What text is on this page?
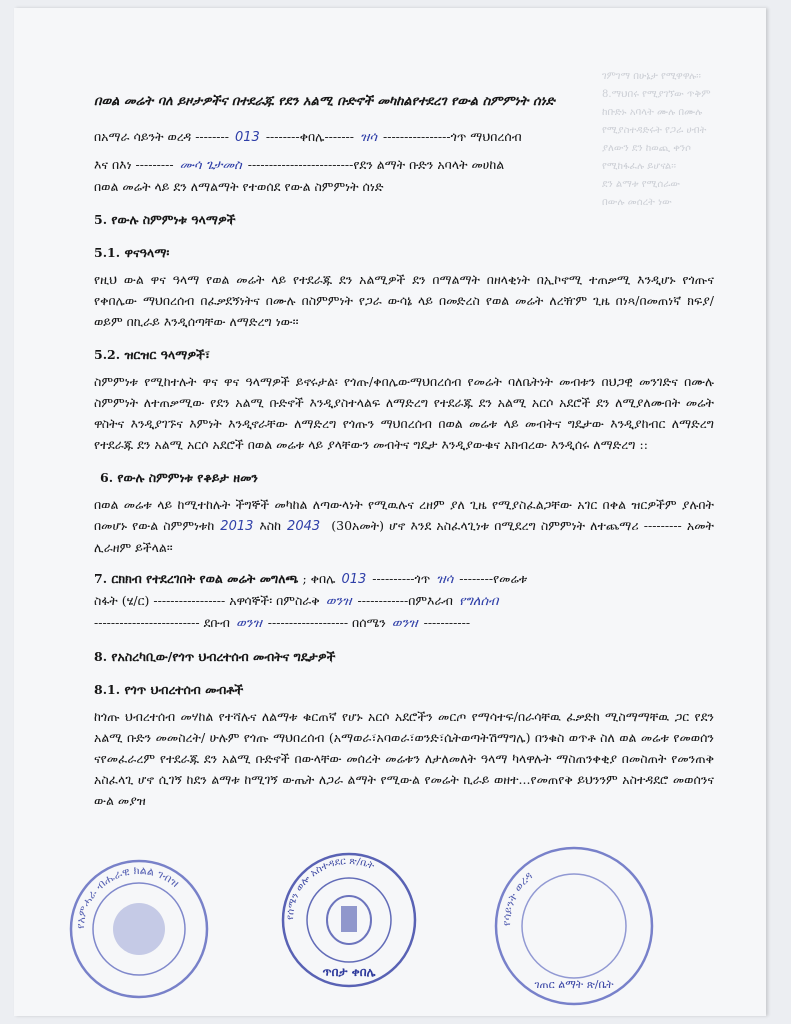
ገምገማ በሁኔታ የሚዋዋሉ፡፡
8.ማህበሩ የሚያገኘው ጥቅም
ከቡድኑ አባላት ሙሉ በሙሉ
የሚያስተዳድሩት የጋራ ሀብት
ያለውን ደን ከወጪ ቀንሶ
የሚከፋፈሉ ይሆናል፡፡
ደን ልማቱ የሚሰራው
በውሉ መሰረት ነው
በወል መሬት ባለ ይዞታዎችና በተደራጁ የደን አልሚ ቡድኖች መካከልየተደረገ የውል ስምምነት ሰነድ
በአማራ ሳይንት ወረዳ -------- 013 --------ቀበሌ------- ዝሳ ----------------ጎጥ ማህበረሰብ
እና በእነ --------- ሙሳ ጌታመስ -------------------------የደን ልማት ቡድን አባላት መሀከል
በወል መሬት ላይ ደን ለማልማት የተወሰደ የውል ስምምነት ሰነድ
5. የውሉ ስምምነቱ ዓላማዎች
5.1. ዋናዓላማ፡

የዚህ ውል ዋና ዓላማ የወል መሬት ላይ የተደራጁ ደን አልሚዎች ደን በማልማት በዘላቂነት በኢኮኖሚ ተጠቃሚ እንዲሆኑ የጎጡና የቀበሌው ማህበረሰብ በፈቃደኝነትና በሙሉ በስምምነት የጋራ ውሳኔ ላይ በመድረስ የወል መሬት ለረዥም ጊዜ በነጻ/በመጠነኛ ክፍያ/ ወይም በኪራይ እንዲሰጣቸው ለማድረግ ነው፡፡

5.2. ዝርዝር ዓላማዎች፣

ስምምነቱ የሚከተሉት ዋና ዋና ዓላማዎች ይኖሩታል፡ የጎጡ/ቀበሌውማህበረሰብ የመሬት ባለቤትነት መብቱን በህጋዊ መንገድና በሙሉ ስምምነት ለተጠቃሚው የደን አልሚ ቡድኖች እንዲያስተላልፍ ለማድረግ የተደራጁ ደን አልሚ አርሶ አደሮች ደን ለሚያለሙበት መሬት ዋስትና እንዲያገኙና እምነት እንዲኖራቸው ለማድረግ የጎጡን ማህበረሰብ በወል መሬቱ ላይ መብትና ግዴታው እንዲያከብር ለማድረግ የተደራጁ ደን አልሚ አርሶ አደሮች በወል መሬቱ ላይ ያላቸውን መብትና ግዴታ እንዲያውቁና አክብረው እንዲሰሩ ለማድረግ ::

6. የውሉ ስምምነቱ የቆይታ ዘመን

በወል መሬቱ ላይ ከሚተከሉት ችግኞች መካከል ለጣውላነት የሚዉሉና ረዘም ያለ ጊዜ የሚያስፈልጋቸው አገር በቀል ዝርዎችም ያሉበት በመሆኑ የውል ስምምነቱከ 2013 እስከ 2043 (30አመት) ሆኖ እንደ አስፈላጊነቱ በሚደረግ ስምምነት ለተጨማሪ --------- አመት ሊራዘም ይችላል፡፡

7. ርክክብ የተደረገበት የወል መሬት መግለጫ ; ቀበሌ 013 ----------ጎጥ ዝሳ --------የመሬቱ
ስፋት (ሄ/ር) ----------------- አዋሳኞች፡ በምስራቅ ወንዝ ------------በምእራብ የግለሰብ
------------------------- ደቡብ ወንዝ ------------------- በሰሜን ወንዝ -----------
8. የአስረካቢው/የጎጥ ህብረተሰብ መብትና ግዴታዎች
8.1. የጎጥ ህብረተሰብ መብቶች

ከጎጡ ህብረተሰብ መሃከል የተሻሉና ለልማቱ ቁርጠኛ የሆኑ አርሶ አደሮችን መርጦ የማሳተፍ/በራሳቸዉ ፈቃድከ ሚስማማቸዉ ጋር የደን አልሚ ቡድን መመስረት/ ሁሉም የጎጡ ማህበረሰብ (አማወራ፣አባወራ፣ወንድ፣ሴትወጣትሽማግሌ) በንቁስ ወጥቶ ስለ ወል መሬቱ የመወሰን ናየመፈራረም የተደራጁ ደን አልሚ ቡድኖች በውላቸው መሰረት መሬቱን ለታለመለት ዓላማ ካላዋሉት ማስጠንቀቂያ በመስጠት የመንጠቅ አስፈላጊ ሆኖ ሲገኝ ከደን ልማቱ ከሚገኝ ውጤት ለጋራ ልማት የሚውል የመሬት ኪራይ ወዘተ...የመጠየቅ ይህንንም አስተዳደሮ መወሰንና ውል መያዝ

የአምሓራ ብሔራዊ ክልል ገብዝ
የሰሜን ወሎ አስተዳደር ጽ/ቤት
ጥበታ ቀበሌ
የሳይንት ወረዳ
ገጠር ልማት ጽ/ቤት
